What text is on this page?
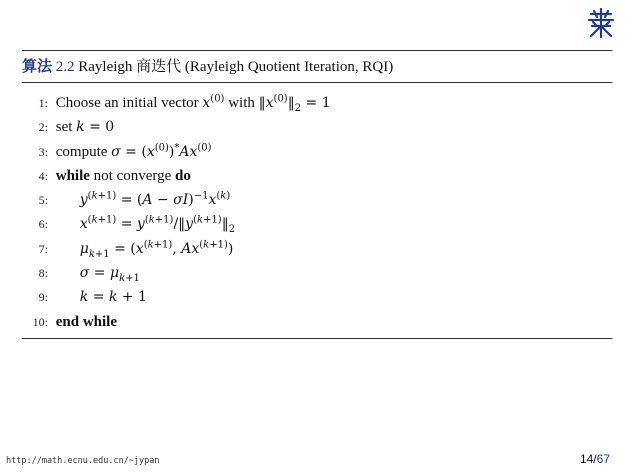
算法 2.2 Rayleigh 商迭代 (Rayleigh Quotient Iteration, RQI)
1: Choose an initial vector $x^{(0)}$ with $‖x^{(0)}‖_2 = 1$
2: set k = 0
3: compute $\sigma = (x^{(0)})^*Ax^{(0)}$
4: while not converge do
5: $y^{(k+1)} = (A - \sigma I)^{-1}x^{(k)}$
6: $x^{(k+1)}$ = $y^{(k+1)}/‖y^{(k+1)}‖_2$
7: $\mu_{k+1} = (x^{(k+1)}$, $Ax^{(k+1)}$)
8: $\sigma = \mu_{k+1}$
9: k = k + 1
10: end while
http://math.ecnu.edu.cn/~jypan	14/67
